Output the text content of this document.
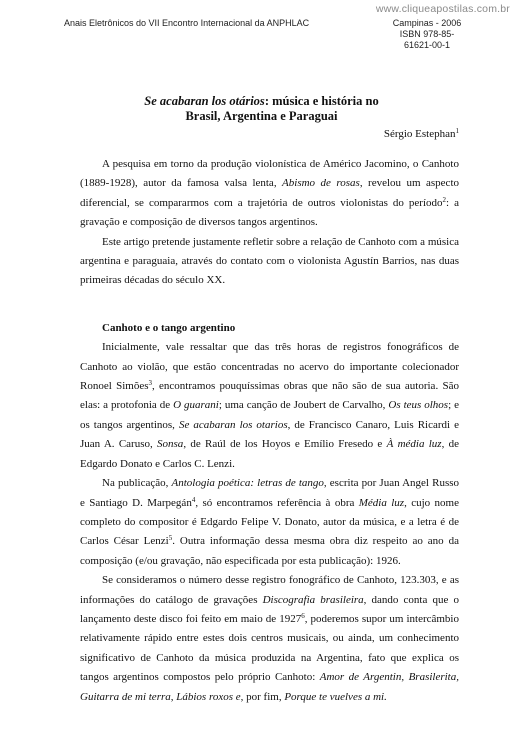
www.cliqueapostilas.com.br
Anais Eletrônicos do VII Encontro Internacional da ANPHLAC	Campinas - 2006
ISBN 978-85-61621-00-1
Se acabaran los otários: música e história no
Brasil, Argentina e Paraguai
Sérgio Estephan$^1$

A pesquisa em torno da produção violonística de Américo Jacomino, o Canhoto (1889-1928), autor da famosa valsa lenta, Abismo de rosas, revelou um aspecto diferencial, se compararmos com a trajetória de outros violonistas do período$^2$: a gravação e composição de diversos tangos argentinos.

Este artigo pretende justamente refletir sobre a relação de Canhoto com a música argentina e paraguaia, através do contato com o violonista Agustín Barrios, nas duas primeiras décadas do século XX.

Canhoto e o tango argentino

Inicialmente, vale ressaltar que das três horas de registros fonográficos de Canhoto ao violão, que estão concentradas no acervo do importante colecionador Ronoel Simões$^3$, encontramos pouquíssimas obras que não são de sua autoria. São elas: a protofonia de O guarani; uma canção de Joubert de Carvalho, Os teus olhos; e os tangos argentinos, Se acabaran los otarios, de Francisco Canaro, Luis Ricardi e Juan A. Caruso, Sonsa, de Raúl de los Hoyos e Emílio Fresedo e À média luz, de Edgardo Donato e Carlos C. Lenzi.

Na publicação, Antologia poética: letras de tango, escrita por Juan Angel Russo e Santiago D. Marpegán$^4$, só encontramos referência à obra Média luz, cujo nome completo do compositor é Edgardo Felipe V. Donato, autor da música, e a letra é de Carlos César Lenzi$^5$. Outra informação dessa mesma obra diz respeito ao ano da composição (e/ou gravação, não especificada por esta publicação): 1926.

Se consideramos o número desse registro fonográfico de Canhoto, 123.303, e as informações do catálogo de gravações Discografia brasileira, dando conta que o lançamento deste disco foi feito em maio de 1927$^6$, poderemos supor um intercâmbio relativamente rápido entre estes dois centros musicais, ou ainda, um conhecimento significativo de Canhoto da música produzida na Argentina, fato que explica os tangos argentinos compostos pelo próprio Canhoto: Amor de Argentin, Brasilerita, Guitarra de mi terra, Lábios roxos e, por fim, Porque te vuelves a mi.
